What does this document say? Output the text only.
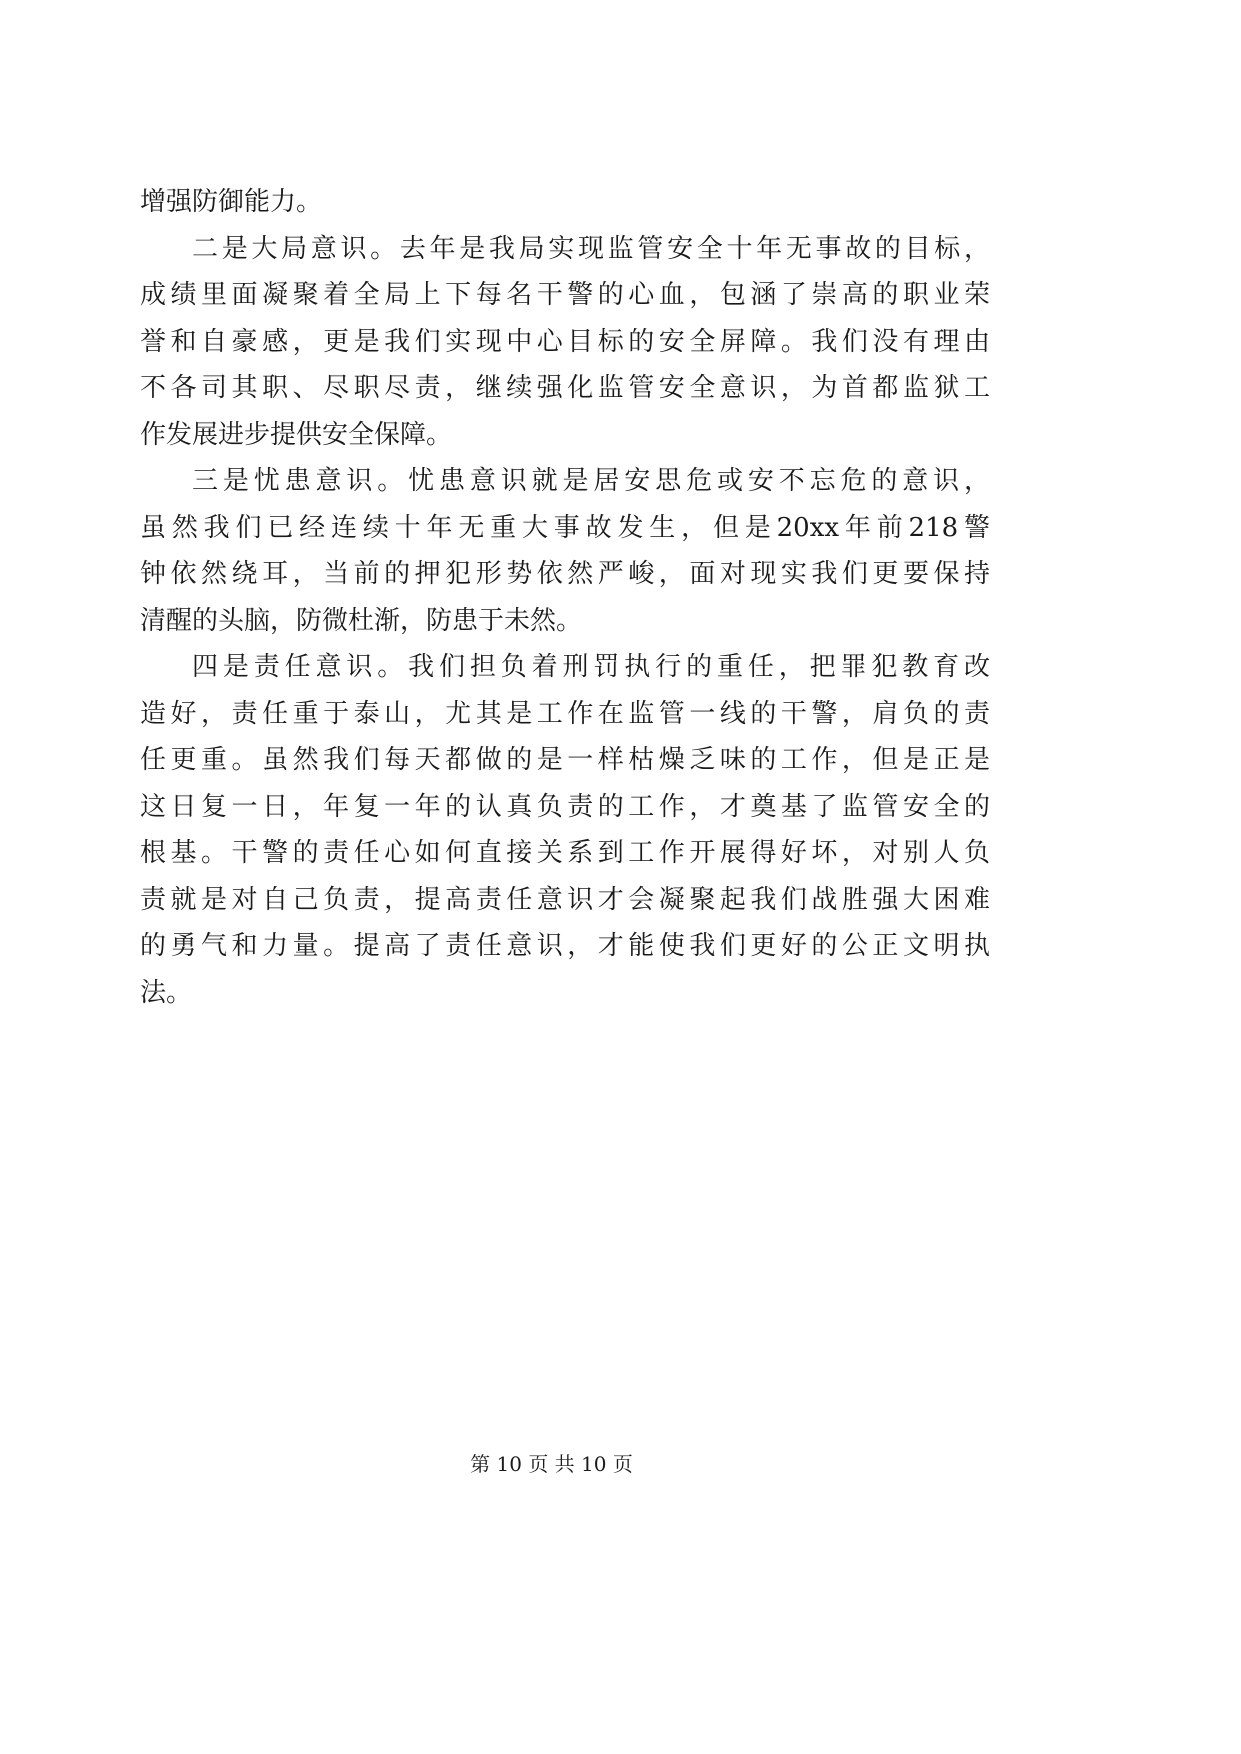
增强防御能力。
二是大局意识。去年是我局实现监管安全十年无事故的目标，
成绩里面凝聚着全局上下每名干警的心血，包涵了崇高的职业荣
誉和自豪感，更是我们实现中心目标的安全屏障。我们没有理由
不各司其职、尽职尽责，继续强化监管安全意识，为首都监狱工
作发展进步提供安全保障。
三是忧患意识。忧患意识就是居安思危或安不忘危的意识，
虽然我们已经连续十年无重大事故发生，但是20xx年前218警
钟依然绕耳，当前的押犯形势依然严峻，面对现实我们更要保持
清醒的头脑，防微杜渐，防患于未然。
四是责任意识。我们担负着刑罚执行的重任，把罪犯教育改
造好，责任重于泰山，尤其是工作在监管一线的干警，肩负的责
任更重。虽然我们每天都做的是一样枯燥乏味的工作，但是正是
这日复一日，年复一年的认真负责的工作，才奠基了监管安全的
根基。干警的责任心如何直接关系到工作开展得好坏，对别人负
责就是对自己负责，提高责任意识才会凝聚起我们战胜强大困难
的勇气和力量。提高了责任意识，才能使我们更好的公正文明执
法。
第 10 页 共 10 页
